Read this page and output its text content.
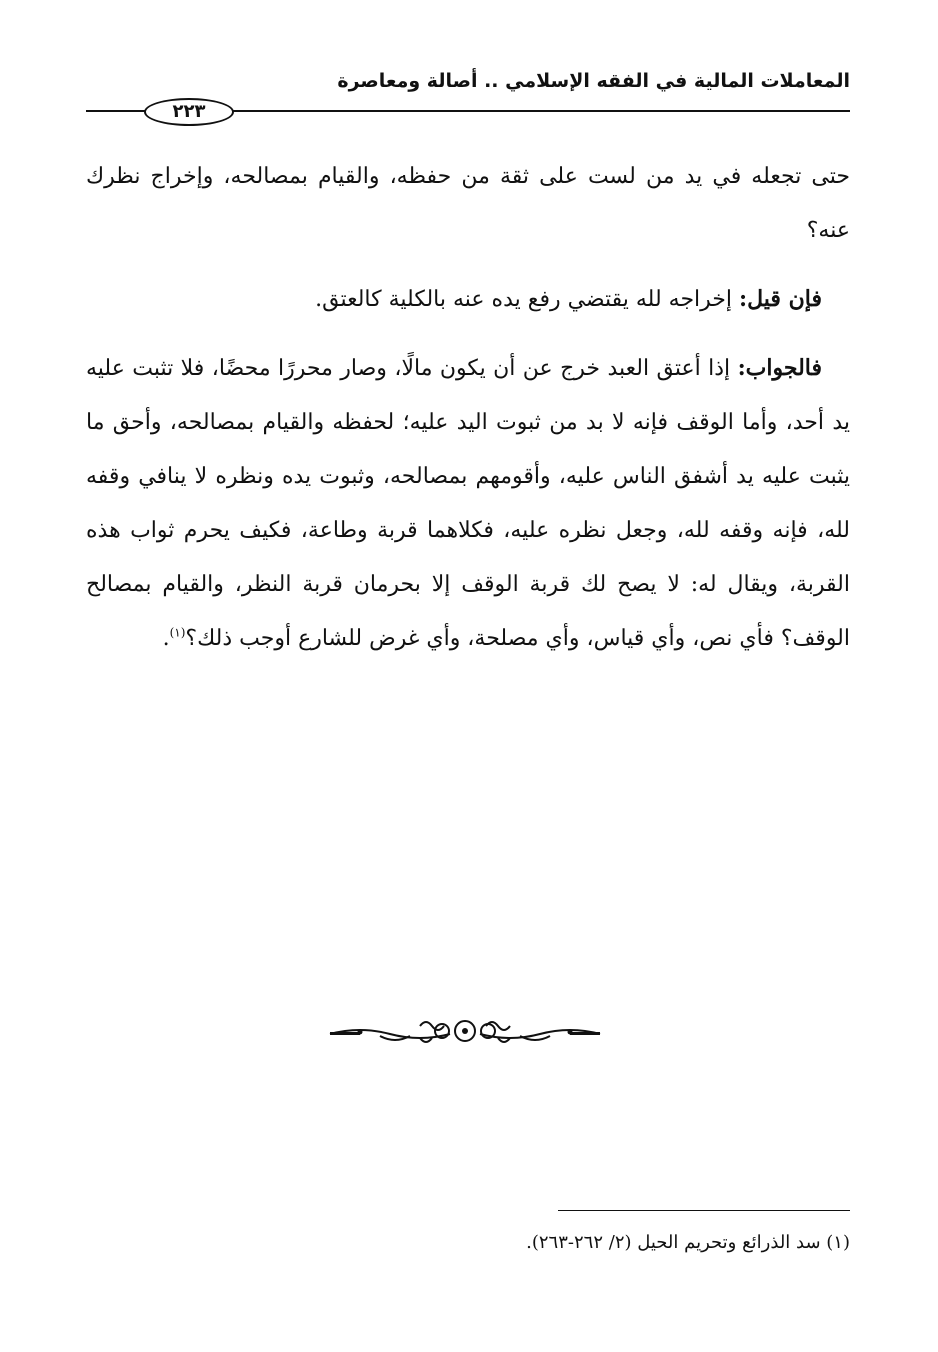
المعاملات المالية في الفقه الإسلامي .. أصالة ومعاصرة
٢٢٣

حتى تجعله في يد من لست على ثقة من حفظه، والقيام بمصالحه، وإخراج نظرك عنه؟

فإن قيل: إخراجه لله يقتضي رفع يده عنه بالكلية كالعتق.

فالجواب: إذا أعتق العبد خرج عن أن يكون مالًا، وصار محررًا محضًا، فلا تثبت عليه يد أحد، وأما الوقف فإنه لا بد من ثبوت اليد عليه؛ لحفظه والقيام بمصالحه، وأحق ما يثبت عليه يد أشفق الناس عليه، وأقومهم بمصالحه، وثبوت يده ونظره لا ينافي وقفه لله، فإنه وقفه لله، وجعل نظره عليه، فكلاهما قربة وطاعة، فكيف يحرم ثواب هذه القربة، ويقال له: لا يصح لك قربة الوقف إلا بحرمان قربة النظر، والقيام بمصالح الوقف؟ فأي نص، وأي قياس، وأي مصلحة، وأي غرض للشارع أوجب ذلك؟$^{(١)}$.

(١) سد الذرائع وتحريم الحيل (٢/ ٢٦٢-٢٦٣).
